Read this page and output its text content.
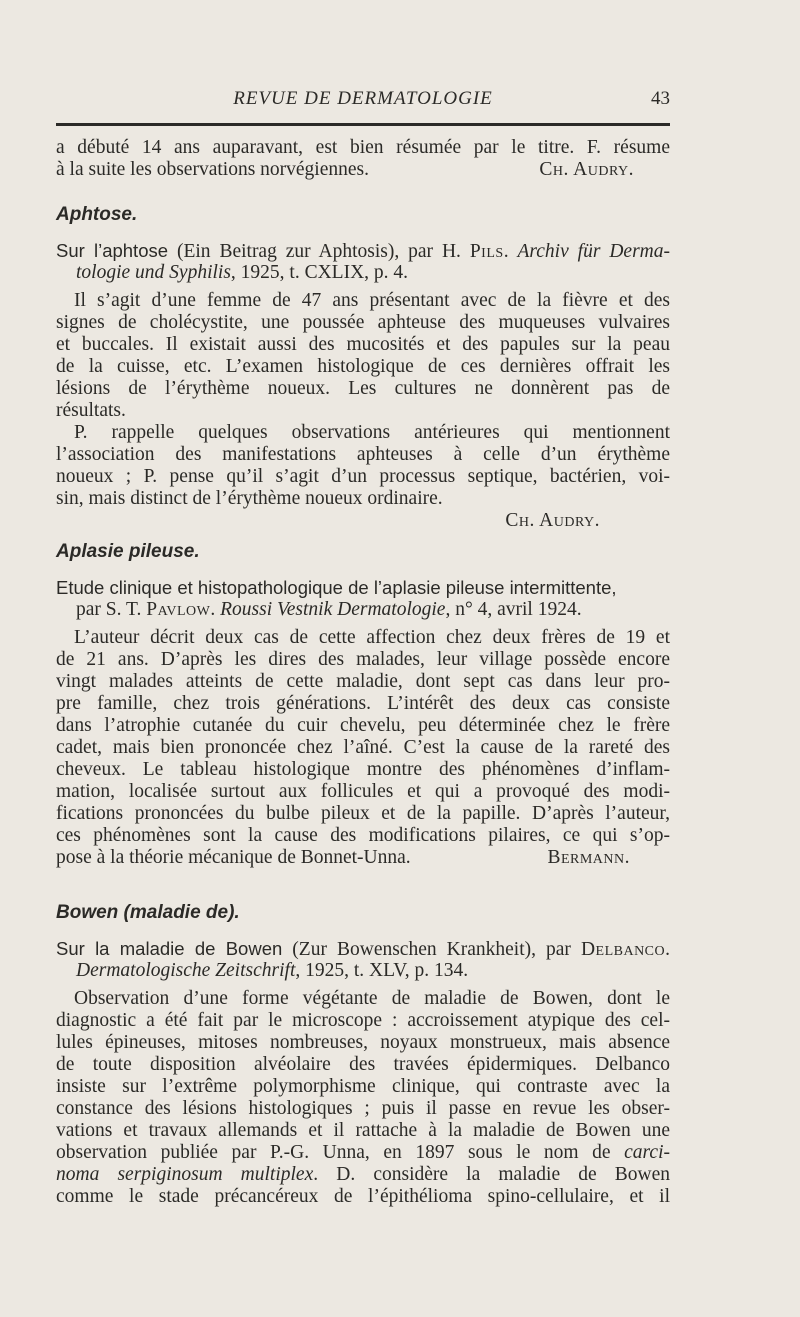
REVUE DE DERMATOLOGIE	43
a débuté 14 ans auparavant, est bien résumée par le titre. F. résume
à la suite les observations norvégiennes.	Ch. Audry.
Aphtose.
Sur l’aphtose (Ein Beitrag zur Aphtosis), par H. Pils. Archiv für Derma-
tologie und Syphilis, 1925, t. CXLIX, p. 4.
Il s’agit d’une femme de 47 ans présentant avec de la fièvre et des
signes de cholécystite, une poussée aphteuse des muqueuses vulvaires
et buccales. Il existait aussi des mucosités et des papules sur la peau
de la cuisse, etc. L’examen histologique de ces dernières offrait les
lésions de l’érythème noueux. Les cultures ne donnèrent pas de
résultats.
P. rappelle quelques observations antérieures qui mentionnent
l’association des manifestations aphteuses à celle d’un érythème
noueux ; P. pense qu’il s’agit d’un processus septique, bactérien, voi-
sin, mais distinct de l’érythème noueux ordinaire.
Ch. Audry.
Aplasie pileuse.
Etude clinique et histopathologique de l’aplasie pileuse intermittente,
par S. T. Pavlow. Roussi Vestnik Dermatologie, n° 4, avril 1924.
L’auteur décrit deux cas de cette affection chez deux frères de 19 et
de 21 ans. D’après les dires des malades, leur village possède encore
vingt malades atteints de cette maladie, dont sept cas dans leur pro-
pre famille, chez trois générations. L’intérêt des deux cas consiste
dans l’atrophie cutanée du cuir chevelu, peu déterminée chez le frère
cadet, mais bien prononcée chez l’aîné. C’est la cause de la rareté des
cheveux. Le tableau histologique montre des phénomènes d’inflam-
mation, localisée surtout aux follicules et qui a provoqué des modi-
fications prononcées du bulbe pileux et de la papille. D’après l’auteur,
ces phénomènes sont la cause des modifications pilaires, ce qui s’op-
pose à la théorie mécanique de Bonnet-Unna.	Bermann.
Bowen (maladie de).
Sur la maladie de Bowen (Zur Bowenschen Krankheit), par Delbanco.
Dermatologische Zeitschrift, 1925, t. XLV, p. 134.
Observation d’une forme végétante de maladie de Bowen, dont le
diagnostic a été fait par le microscope : accroissement atypique des cel-
lules épineuses, mitoses nombreuses, noyaux monstrueux, mais absence
de toute disposition alvéolaire des travées épidermiques. Delbanco
insiste sur l’extrême polymorphisme clinique, qui contraste avec la
constance des lésions histologiques ; puis il passe en revue les obser-
vations et travaux allemands et il rattache à la maladie de Bowen une
observation publiée par P.-G. Unna, en 1897 sous le nom de carci-
noma serpiginosum multiplex. D. considère la maladie de Bowen
comme le stade précancéreux de l’épithélioma spino-cellulaire, et il
